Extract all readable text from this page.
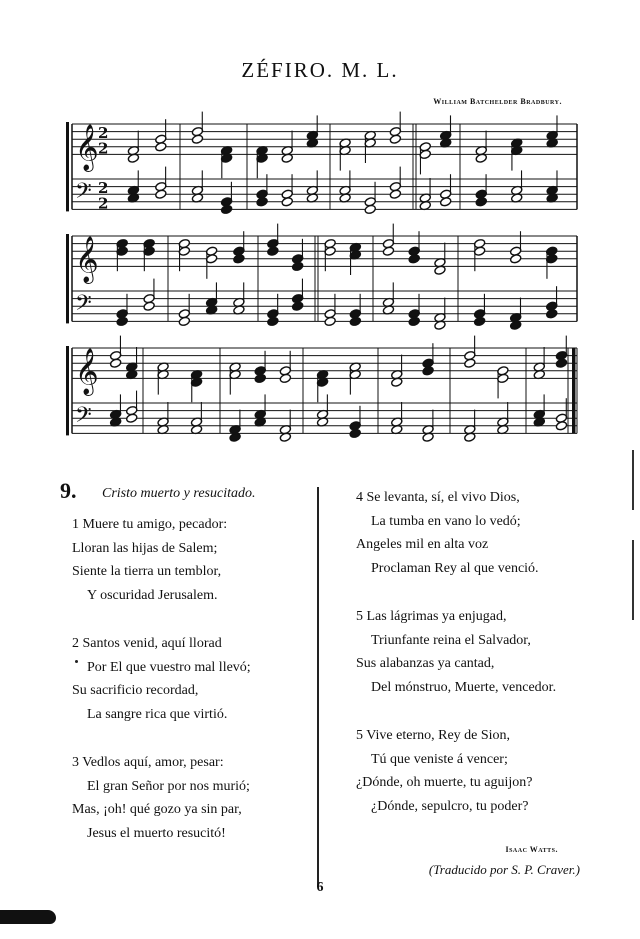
ZÉFIRO. M. L.
William Batchelder Bradbury.
𝄞 2
2
𝄢 2
2
𝄞
𝄢
𝄞
𝄢
9. Cristo muerto y resucitado.
1 Muere tu amigo, pecador:
Lloran las hijas de Salem;
Siente la tierra un temblor,
Y oscuridad Jerusalem.
2 Santos venid, aquí llorad
Por El que vuestro mal llevó;
Su sacrificio recordad,
La sangre rica que virtió.
3 Vedlos aquí, amor, pesar:
El gran Señor por nos murió;
Mas, ¡oh! qué gozo ya sin par,
Jesus el muerto resucitó!
4 Se levanta, sí, el vivo Dios,
La tumba en vano lo vedó;
Angeles mil en alta voz
Proclaman Rey al que venció.
5 Las lágrimas ya enjugad,
Triunfante reina el Salvador,
Sus alabanzas ya cantad,
Del mónstruo, Muerte, vencedor.
5 Vive eterno, Rey de Sion,
Tú que veniste á vencer;
¿Dónde, oh muerte, tu aguijon?
¿Dónde, sepulcro, tu poder?
Isaac Watts.
(Traducido por S. P. Craver.)
6
